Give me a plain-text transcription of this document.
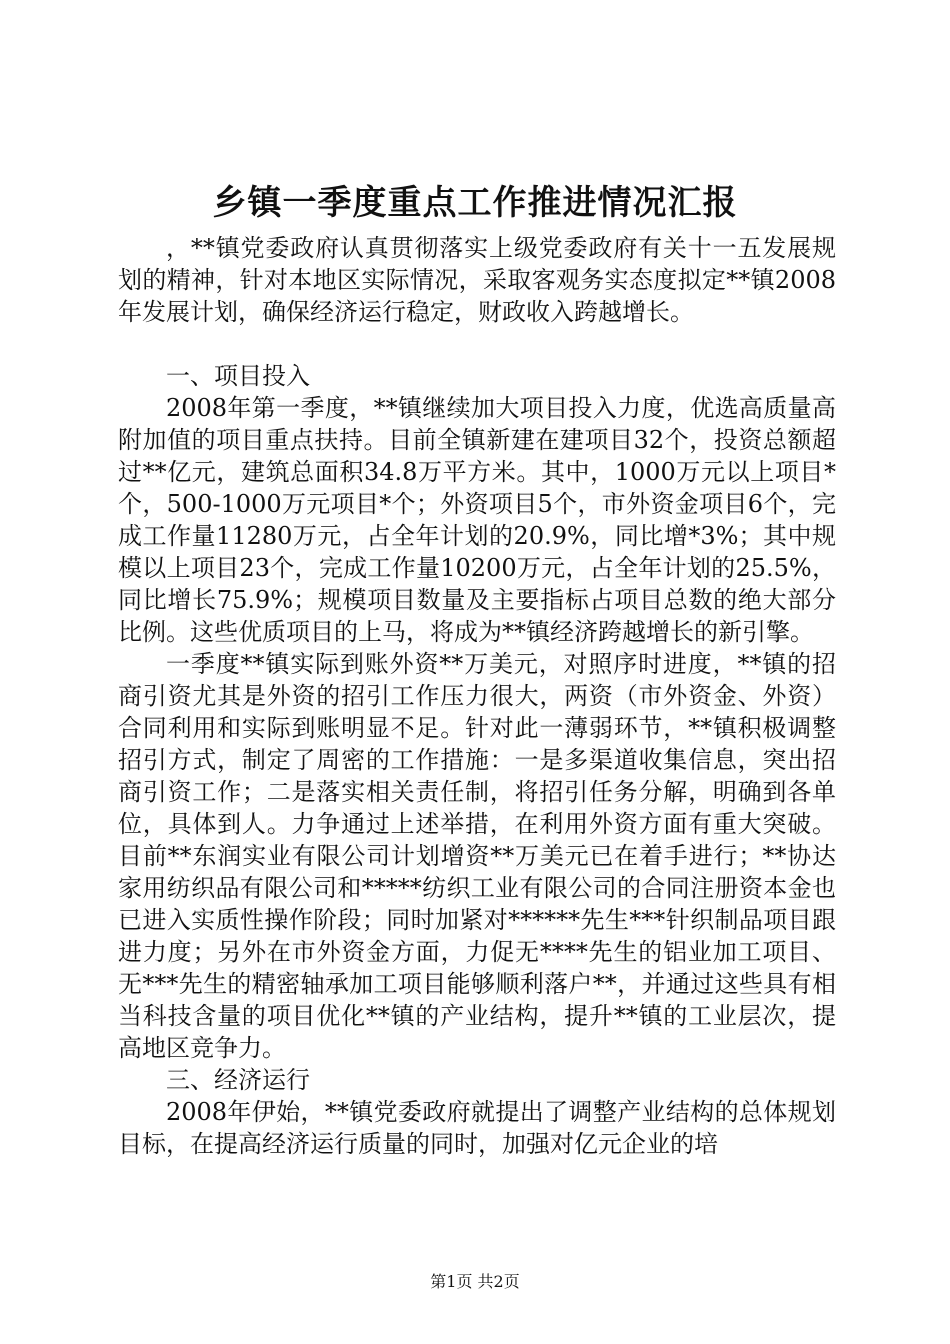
乡镇一季度重点工作推进情况汇报

，**镇党委政府认真贯彻落实上级党委政府有关十一五发展规划的精神，针对本地区实际情况，采取客观务实态度拟定**镇2008年发展计划，确保经济运行稳定，财政收入跨越增长。

一、项目投入

2008年第一季度，**镇继续加大项目投入力度，优选高质量高附加值的项目重点扶持。目前全镇新建在建项目32个，投资总额超过**亿元，建筑总面积34.8万平方米。其中，1000万元以上项目*个，500-1000万元项目*个；外资项目5个，市外资金项目6个，完成工作量11280万元，占全年计划的20.9%，同比增*3%；其中规模以上项目23个，完成工作量10200万元，占全年计划的25.5%，同比增长75.9%；规模项目数量及主要指标占项目总数的绝大部分比例。这些优质项目的上马，将成为**镇经济跨越增长的新引擎。

一季度**镇实际到账外资**万美元，对照序时进度，**镇的招商引资尤其是外资的招引工作压力很大，两资（市外资金、外资）合同利用和实际到账明显不足。针对此一薄弱环节，**镇积极调整招引方式，制定了周密的工作措施：一是多渠道收集信息，突出招商引资工作；二是落实相关责任制，将招引任务分解，明确到各单位，具体到人。力争通过上述举措，在利用外资方面有重大突破。目前**东润实业有限公司计划增资**万美元已在着手进行；**协达家用纺织品有限公司和*****纺织工业有限公司的合同注册资本金也已进入实质性操作阶段；同时加紧对******先生***针织制品项目跟进力度；另外在市外资金方面，力促无****先生的铝业加工项目、无***先生的精密轴承加工项目能够顺利落户**，并通过这些具有相当科技含量的项目优化**镇的产业结构，提升**镇的工业层次，提高地区竞争力。

三、经济运行

2008年伊始，**镇党委政府就提出了调整产业结构的总体规划目标，在提高经济运行质量的同时，加强对亿元企业的培

第1页 共2页
